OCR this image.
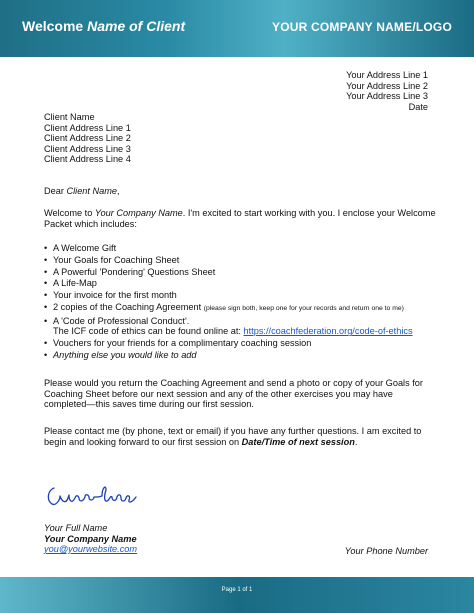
Welcome Name of Client	YOUR COMPANY NAME/LOGO
Your Address Line 1
Your Address Line 2
Your Address Line 3
Date
Client Name
Client Address Line 1
Client Address Line 2
Client Address Line 3
Client Address Line 4
Dear Client Name,
Welcome to Your Company Name. I'm excited to start working with you. I enclose your Welcome Packet which includes:
• A Welcome Gift
• Your Goals for Coaching Sheet
• A Powerful 'Pondering' Questions Sheet
• A Life-Map
• Your invoice for the first month
• 2 copies of the Coaching Agreement (please sign both, keep one for your records and return one to me)
• A 'Code of Professional Conduct'.
The ICF code of ethics can be found online at: https://coachfederation.org/code-of-ethics
• Vouchers for your friends for a complimentary coaching session
• Anything else you would like to add
Please would you return the Coaching Agreement and send a photo or copy of your Goals for Coaching Sheet before our next session and any of the other exercises you may have completed—this saves time during our first session.
Please contact me (by phone, text or email) if you have any further questions. I am excited to begin and looking forward to our first session on Date/Time of next session.
Your Full Name
Your Company Name
you@yourwebsite.com	Your Phone Number
Page 1 of 1
